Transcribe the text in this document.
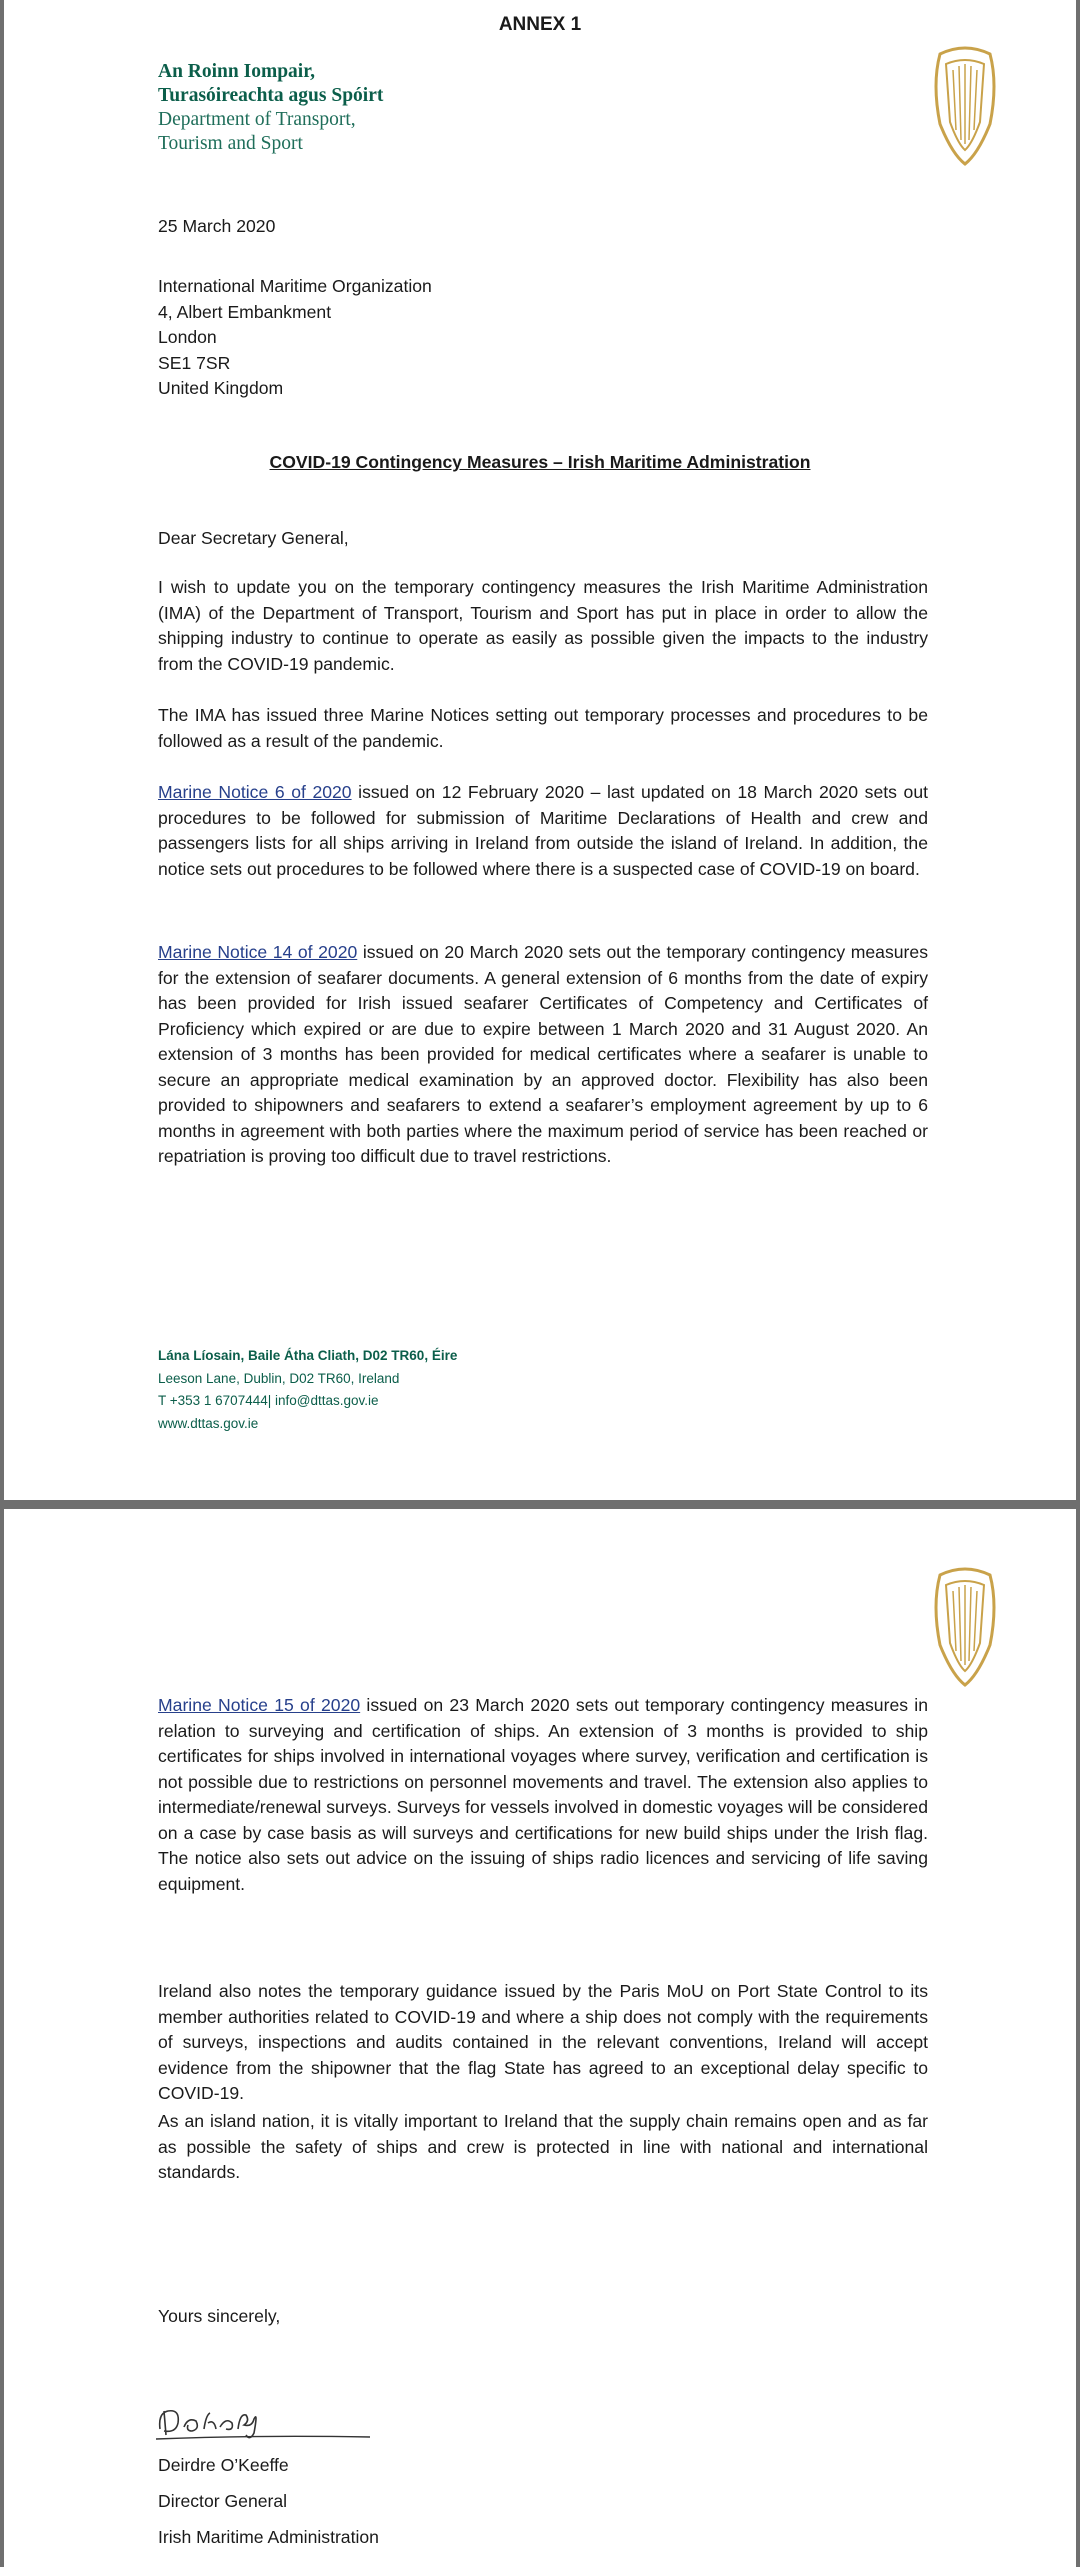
ANNEX 1
An Roinn Iompair,
Turasóireachta agus Spóirt
Department of Transport,
Tourism and Sport
25 March 2020
International Maritime Organization
4, Albert Embankment
London
SE1 7SR
United Kingdom
COVID-19 Contingency Measures – Irish Maritime Administration
Dear Secretary General,
I wish to update you on the temporary contingency measures the Irish Maritime Administration (IMA) of the Department of Transport, Tourism and Sport has put in place in order to allow the shipping industry to continue to operate as easily as possible given the impacts to the industry from the COVID-19 pandemic.
The IMA has issued three Marine Notices setting out temporary processes and procedures to be followed as a result of the pandemic.
Marine Notice 6 of 2020 issued on 12 February 2020 – last updated on 18 March 2020 sets out procedures to be followed for submission of Maritime Declarations of Health and crew and passengers lists for all ships arriving in Ireland from outside the island of Ireland. In addition, the notice sets out procedures to be followed where there is a suspected case of COVID-19 on board.
Marine Notice 14 of 2020 issued on 20 March 2020 sets out the temporary contingency measures for the extension of seafarer documents. A general extension of 6 months from the date of expiry has been provided for Irish issued seafarer Certificates of Competency and Certificates of Proficiency which expired or are due to expire between 1 March 2020 and 31 August 2020. An extension of 3 months has been provided for medical certificates where a seafarer is unable to secure an appropriate medical examination by an approved doctor. Flexibility has also been provided to shipowners and seafarers to extend a seafarer’s employment agreement by up to 6 months in agreement with both parties where the maximum period of service has been reached or repatriation is proving too difficult due to travel restrictions.
Lána Líosain, Baile Átha Cliath, D02 TR60, Éire
Leeson Lane, Dublin, D02 TR60, Ireland
T +353 1 6707444| info@dttas.gov.ie
www.dttas.gov.ie
Marine Notice 15 of 2020 issued on 23 March 2020 sets out temporary contingency measures in relation to surveying and certification of ships. An extension of 3 months is provided to ship certificates for ships involved in international voyages where survey, verification and certification is not possible due to restrictions on personnel movements and travel. The extension also applies to intermediate/renewal surveys. Surveys for vessels involved in domestic voyages will be considered on a case by case basis as will surveys and certifications for new build ships under the Irish flag. The notice also sets out advice on the issuing of ships radio licences and servicing of life saving equipment.
Ireland also notes the temporary guidance issued by the Paris MoU on Port State Control to its member authorities related to COVID-19 and where a ship does not comply with the requirements of surveys, inspections and audits contained in the relevant conventions, Ireland will accept evidence from the shipowner that the flag State has agreed to an exceptional delay specific to COVID-19.
As an island nation, it is vitally important to Ireland that the supply chain remains open and as far as possible the safety of ships and crew is protected in line with national and international standards.
Yours sincerely,
Deirdre O’Keeffe
Director General
Irish Maritime Administration
